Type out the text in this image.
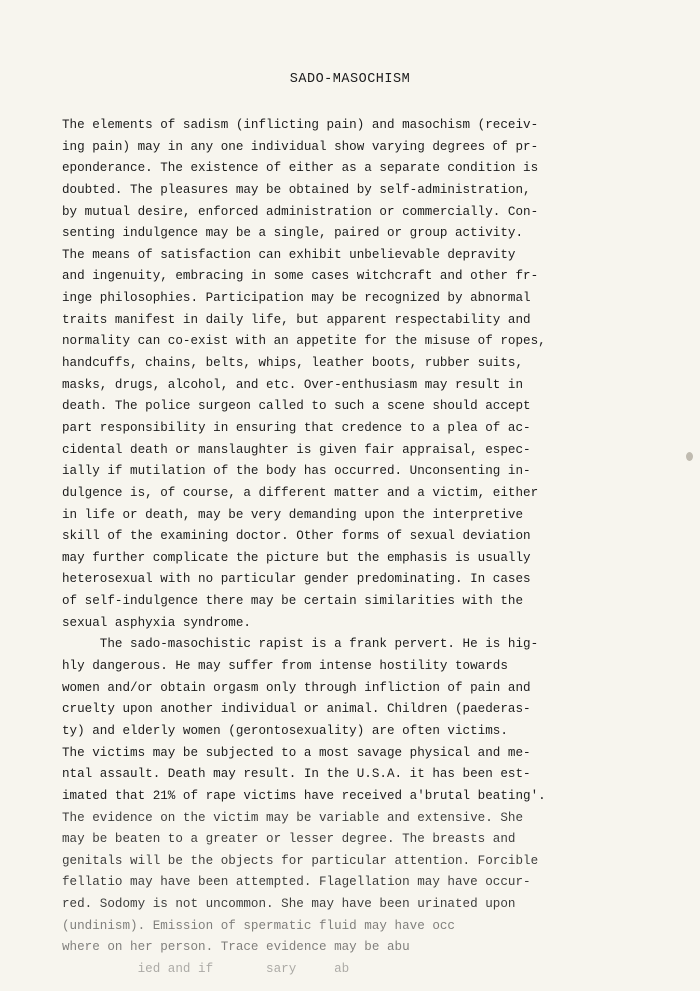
SADO-MASOCHISM
The elements of sadism (inflicting pain) and masochism (receiv-
ing pain) may in any one individual show varying degrees of pr-
eponderance. The existence of either as a separate condition is
doubted. The pleasures may be obtained by self-administration,
by mutual desire, enforced administration or commercially. Con-
senting indulgence may be a single, paired or group activity.
The means of satisfaction can exhibit unbelievable depravity
and ingenuity, embracing in some cases witchcraft and other fr-
inge philosophies. Participation may be recognized by abnormal
traits manifest in daily life, but apparent respectability and
normality can co-exist with an appetite for the misuse of ropes,
handcuffs, chains, belts, whips, leather boots, rubber suits,
masks, drugs, alcohol, and etc. Over-enthusiasm may result in
death. The police surgeon called to such a scene should accept
part responsibility in ensuring that credence to a plea of ac-
cidental death or manslaughter is given fair appraisal, espec-
ially if mutilation of the body has occurred. Unconsenting in-
dulgence is, of course, a different matter and a victim, either
in life or death, may be very demanding upon the interpretive
skill of the examining doctor. Other forms of sexual deviation
may further complicate the picture but the emphasis is usually
heterosexual with no particular gender predominating. In cases
of self-indulgence there may be certain similarities with the
sexual asphyxia syndrome.
The sado-masochistic rapist is a frank pervert. He is hig-
hly dangerous. He may suffer from intense hostility towards
women and/or obtain orgasm only through infliction of pain and
cruelty upon another individual or animal. Children (paederas-
ty) and elderly women (gerontosexuality) are often victims.
The victims may be subjected to a most savage physical and me-
ntal assault. Death may result. In the U.S.A. it has been est-
imated that 21% of rape victims have received a'brutal beating'.
The evidence on the victim may be variable and extensive. She
may be beaten to a greater or lesser degree. The breasts and
genitals will be the objects for particular attention. Forcible
fellatio may have been attempted. Flagellation may have occur-
red. Sodomy is not uncommon. She may have been urinated upon
(undinism). Emission of spermatic fluid may have occ
where on her person. Trace evidence may be abu
ied and if       sary     ab
